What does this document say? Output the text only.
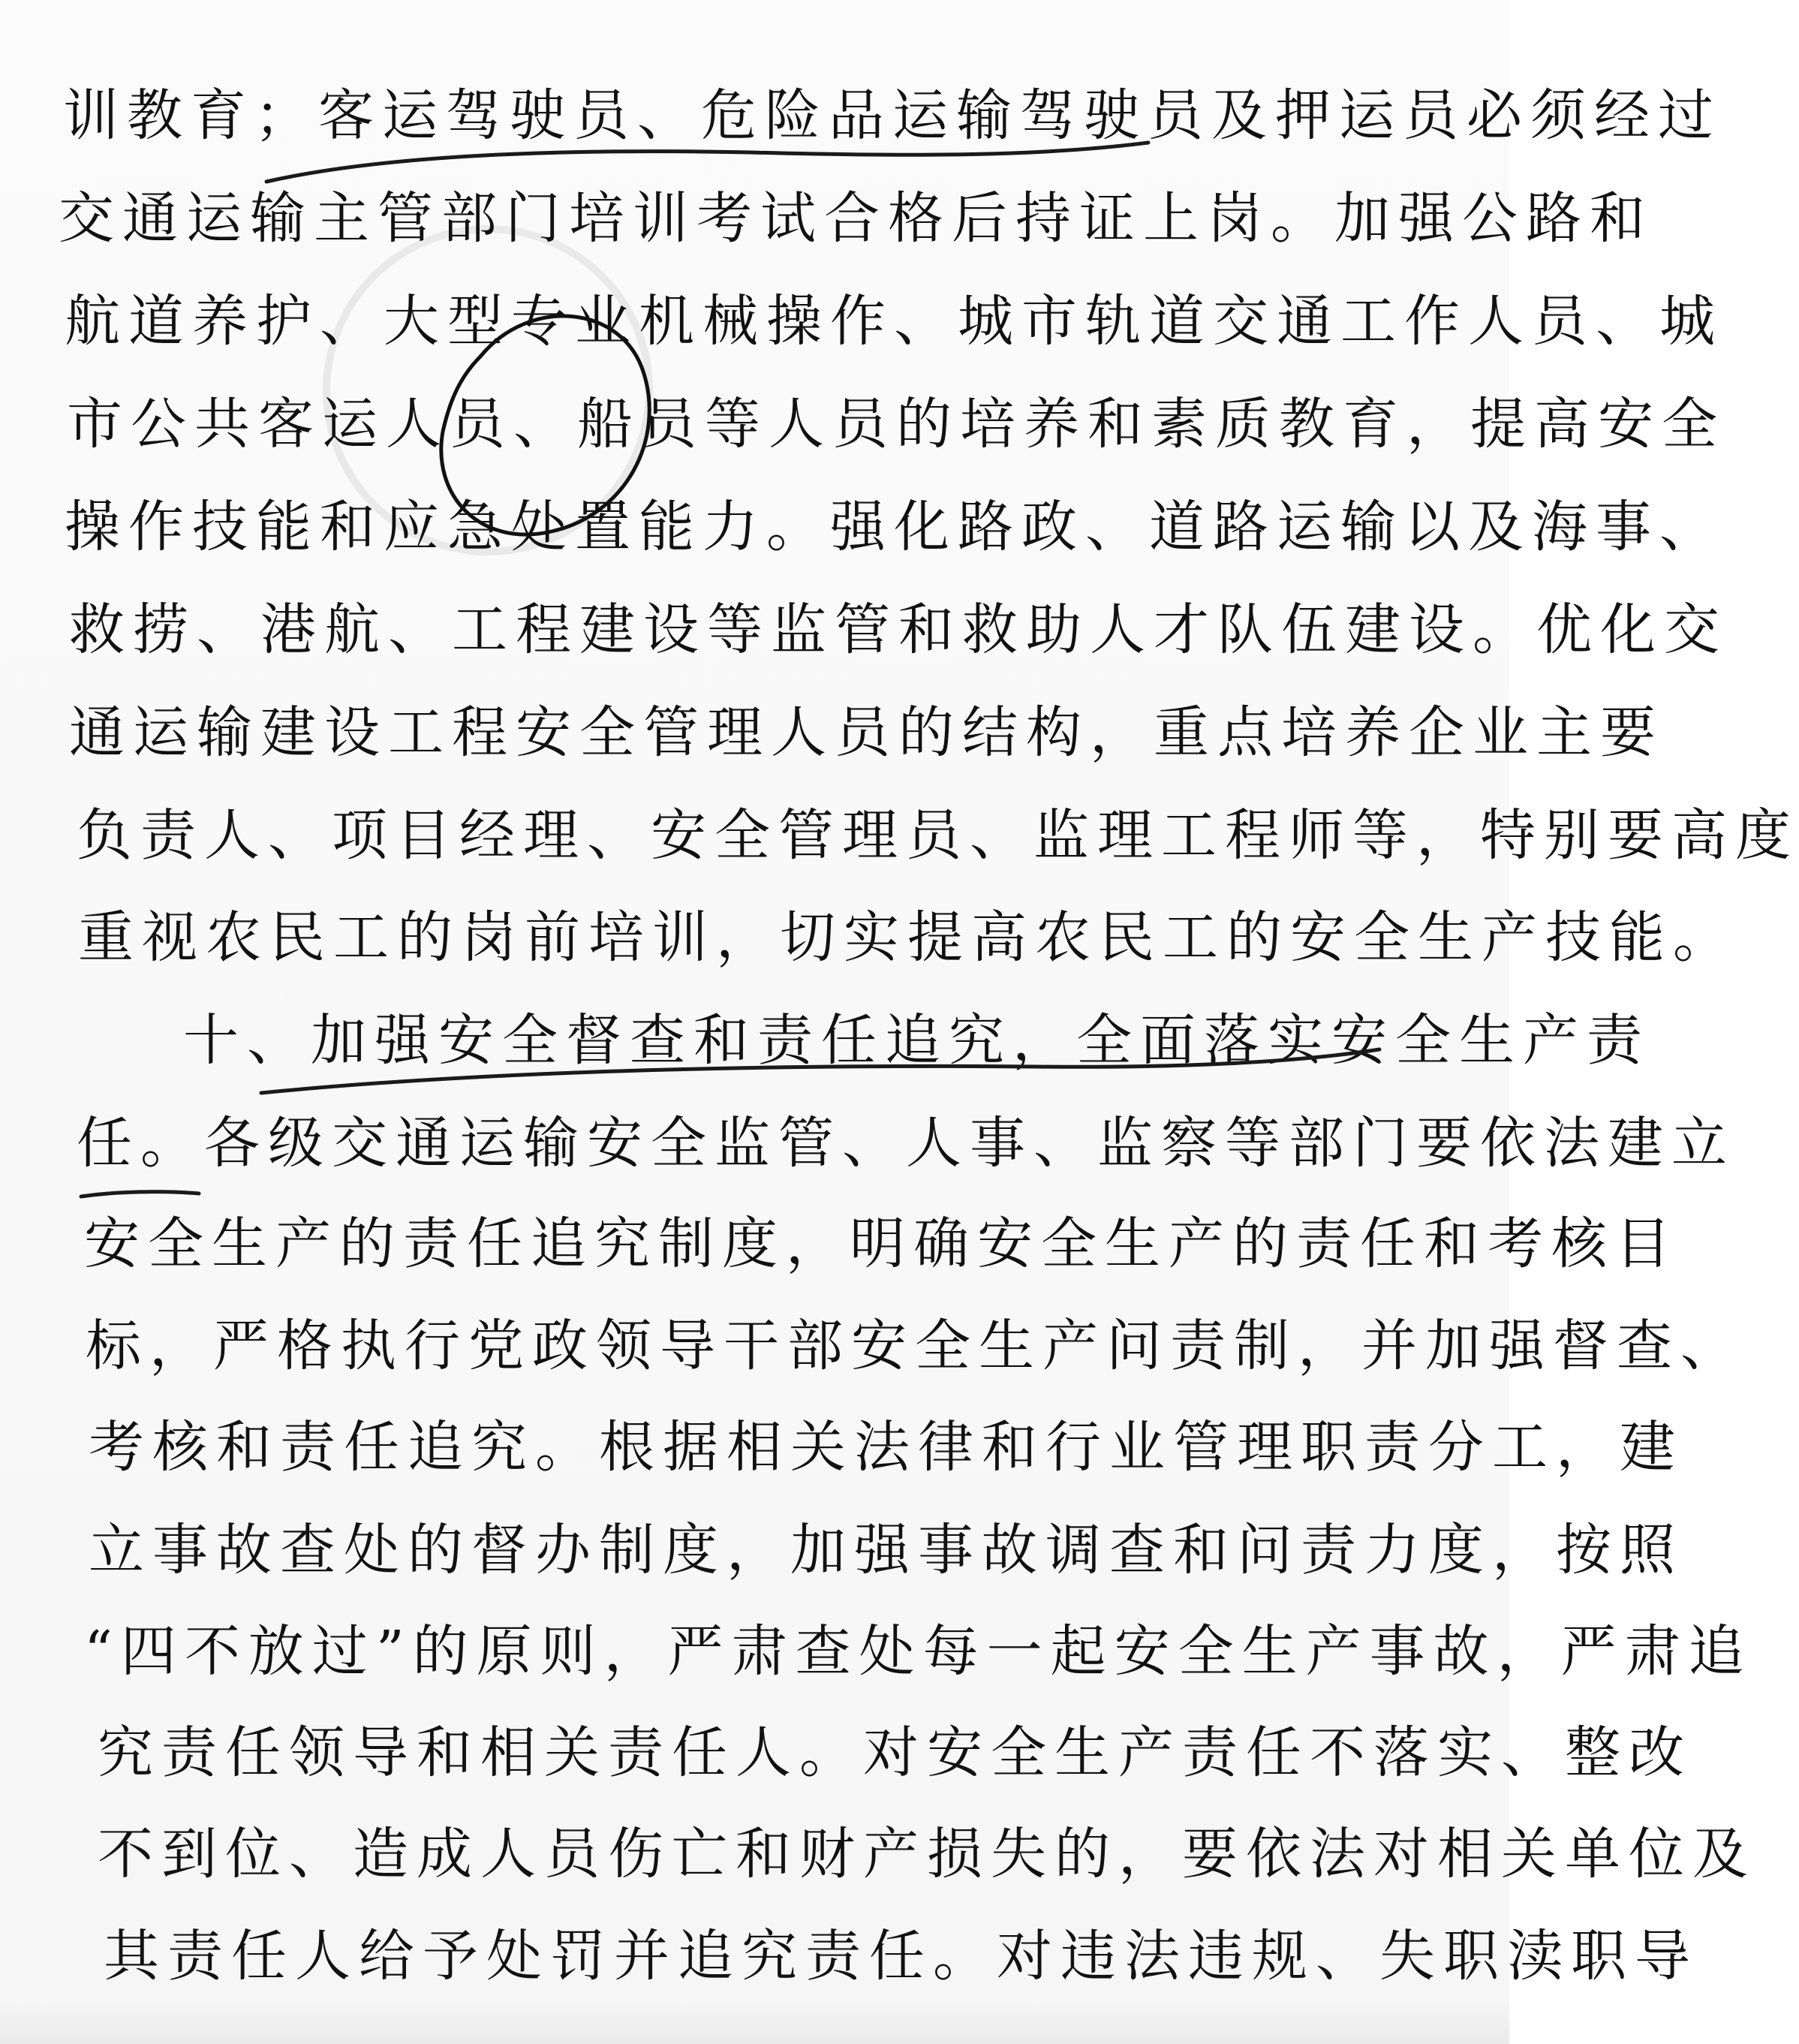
训教育；客运驾驶员、危险品运输驾驶员及押运员必须经过
交通运输主管部门培训考试合格后持证上岗。加强公路和
航道养护、大型专业机械操作、城市轨道交通工作人员、城
市公共客运人员、船员等人员的培养和素质教育，提高安全
操作技能和应急处置能力。强化路政、道路运输以及海事、
救捞、港航、工程建设等监管和救助人才队伍建设。优化交
通运输建设工程安全管理人员的结构，重点培养企业主要
负责人、项目经理、安全管理员、监理工程师等，特别要高度
重视农民工的岗前培训，切实提高农民工的安全生产技能。
十、加强安全督查和责任追究，全面落实安全生产责
任。各级交通运输安全监管、人事、监察等部门要依法建立
安全生产的责任追究制度，明确安全生产的责任和考核目
标，严格执行党政领导干部安全生产问责制，并加强督查、
考核和责任追究。根据相关法律和行业管理职责分工，建
立事故查处的督办制度，加强事故调查和问责力度，按照
“四不放过”的原则，严肃查处每一起安全生产事故，严肃追
究责任领导和相关责任人。对安全生产责任不落实、整改
不到位、造成人员伤亡和财产损失的，要依法对相关单位及
其责任人给予处罚并追究责任。对违法违规、失职渎职导
